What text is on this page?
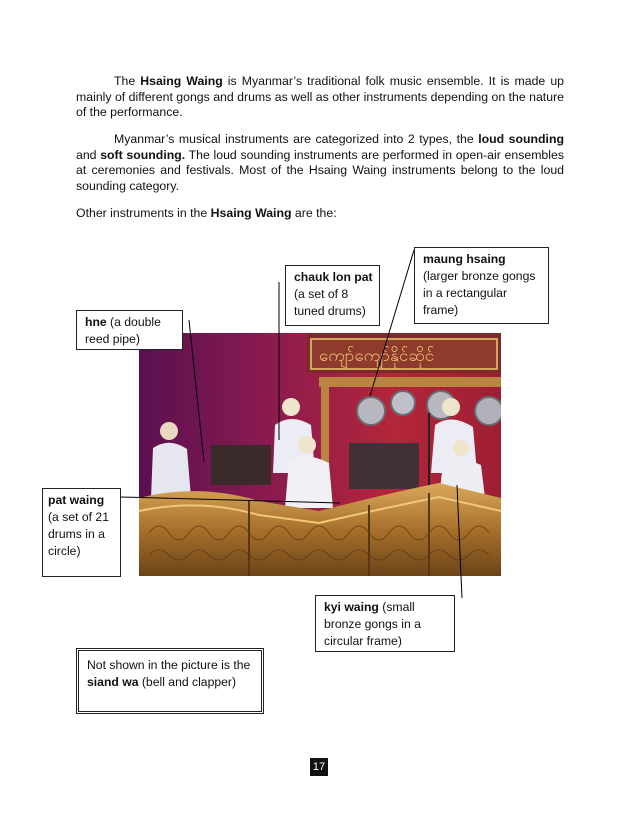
The Hsaing Waing is Myanmar’s traditional folk music ensemble. It is made up mainly of different gongs and drums as well as other instruments depending on the nature of the performance.

Myanmar’s musical instruments are categorized into 2 types, the loud sounding and soft sounding. The loud sounding instruments are performed in open-air ensembles at ceremonies and festivals. Most of the Hsaing Waing instruments belong to the loud sounding category.

Other instruments in the Hsaing Waing are the:

ကျော်ကျော်နိုင်ဆိုင်
maung hsaing (larger bronze gongs in a rectangular frame)
chauk lon pat (a set of 8 tuned drums)
hne (a double reed pipe)
pat waing (a set of 21 drums in a circle)
kyi waing (small bronze gongs in a circular frame)
Not shown in the picture is the siand wa (bell and clapper)
17
